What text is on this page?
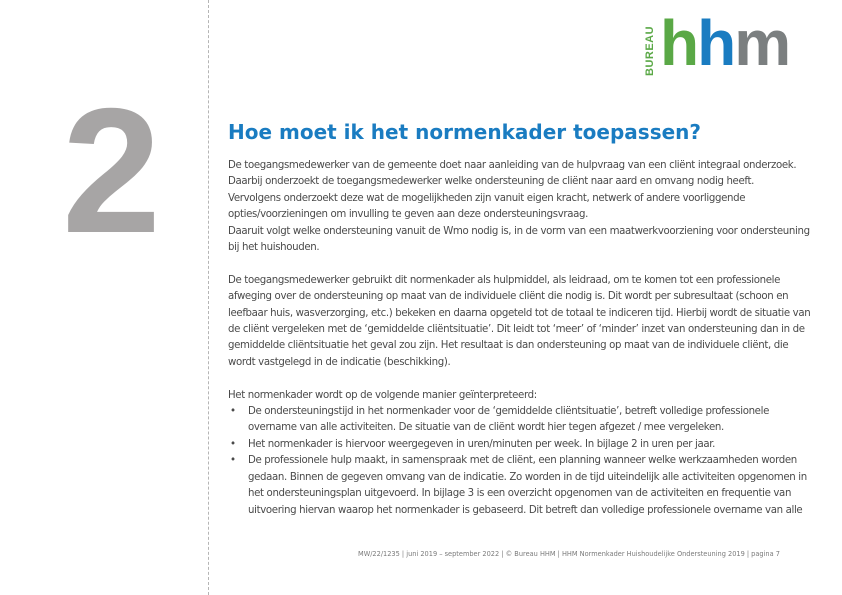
2
BUREAU hhm
Hoe moet ik het normenkader toepassen?

De toegangsmedewerker van de gemeente doet naar aanleiding van de hulpvraag van een cliënt integraal onderzoek.
Daarbij onderzoekt de toegangsmedewerker welke ondersteuning de cliënt naar aard en omvang nodig heeft.
Vervolgens onderzoekt deze wat de mogelijkheden zijn vanuit eigen kracht, netwerk of andere voorliggende
opties/voorzieningen om invulling te geven aan deze ondersteuningsvraag.
Daaruit volgt welke ondersteuning vanuit de Wmo nodig is, in de vorm van een maatwerkvoorziening voor ondersteuning
bij het huishouden.

De toegangsmedewerker gebruikt dit normenkader als hulpmiddel, als leidraad, om te komen tot een professionele
afweging over de ondersteuning op maat van de individuele cliënt die nodig is. Dit wordt per subresultaat (schoon en
leefbaar huis, wasverzorging, etc.) bekeken en daarna opgeteld tot de totaal te indiceren tijd. Hierbij wordt de situatie van
de cliënt vergeleken met de ‘gemiddelde cliëntsituatie’. Dit leidt tot ‘meer’ of ‘minder’ inzet van ondersteuning dan in de
gemiddelde cliëntsituatie het geval zou zijn. Het resultaat is dan ondersteuning op maat van de individuele cliënt, die
wordt vastgelegd in de indicatie (beschikking).

Het normenkader wordt op de volgende manier geïnterpreteerd:
• De ondersteuningstijd in het normenkader voor de ‘gemiddelde cliëntsituatie’, betreft volledige professionele
overname van alle activiteiten. De situatie van de cliënt wordt hier tegen afgezet / mee vergeleken.
• Het normenkader is hiervoor weergegeven in uren/minuten per week. In bijlage 2 in uren per jaar.
• De professionele hulp maakt, in samenspraak met de cliënt, een planning wanneer welke werkzaamheden worden
gedaan. Binnen de gegeven omvang van de indicatie. Zo worden in de tijd uiteindelijk alle activiteiten opgenomen in
het ondersteuningsplan uitgevoerd. In bijlage 3 is een overzicht opgenomen van de activiteiten en frequentie van
uitvoering hiervan waarop het normenkader is gebaseerd. Dit betreft dan volledige professionele overname van alle
MW/22/1235 | juni 2019 – september 2022 | © Bureau HHM | HHM Normenkader Huishoudelijke Ondersteuning 2019 | pagina 7
